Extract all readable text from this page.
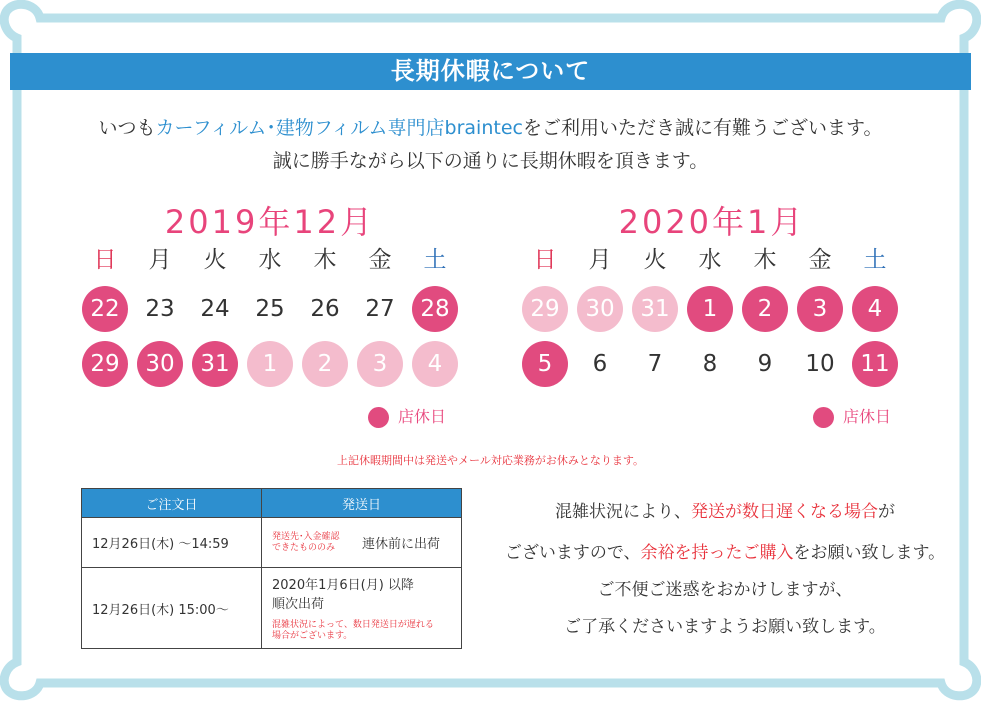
長期休暇について
いつもカーフィルム･建物フィルム専門店braintecをご利用いただき誠に有難うございます。
誠に勝手ながら以下の通りに長期休暇を頂きます。
2019年12月
日	月	火	水	木	金	土
22	23	24	25	26	27	28
29	30	31	1	2	3	4
2020年1月
日	月	火	水	木	金	土
29	30	31	1	2	3	4
5	6	7	8	9	10	11
店休日	店休日
上記休暇期間中は発送やメール対応業務がお休みとなります。
ご注文日	発送日
12月26日(木) 〜14:59	発送先･入金確認
できたもののみ 連休前に出荷

12月26日(木) 15:00〜	2020年1月6日(月) 以降
順次出荷
混雑状況によって、数日発送日が遅れる
場合がございます。
混雑状況により、発送が数日遅くなる場合が
ございますので、余裕を持ったご購入をお願い致します。
ご不便ご迷惑をおかけしますが、
ご了承くださいますようお願い致します。
